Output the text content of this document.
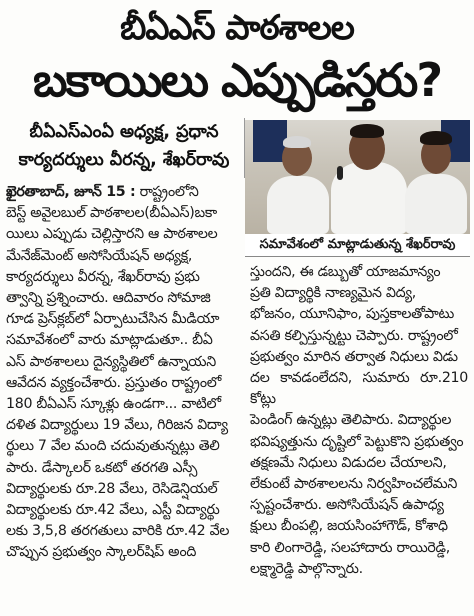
బీఏఎస్ పాఠశాలల
బకాయిలు ఎప్పుడిస్తరు?
బీఏఎస్‌ఎంఏ అధ్యక్ష, ప్రధాన
కార్యదర్శులు వీరన్న, శేఖర్‌రావు
సమావేశంలో మాట్లాడుతున్న శేఖర్‌రావు
ఖైరతాబాద్, జూన్ 15 : రాష్ట్రంలోని

బెస్ట్ అవైలబుల్ పాఠశాలల(బీఏఎస్)బకా

యిలు ఎప్పుడు చెల్లిస్తారని ఆ పాఠశాలల

మేనేజ్‌మెంట్ అసోసియేషన్ అధ్యక్ష,

కార్యదర్శులు వీరన్న, శేఖర్‌రావు ప్రభు

త్వాన్ని ప్రశ్నించారు. ఆదివారం సోమాజి

గూడ ప్రెస్‌క్లబ్‌లో ఏర్పాటుచేసిన మీడియా

సమావేశంలో వారు మాట్లాడుతూ.. బీఏ

ఎస్ పాఠశాలలు దైన్యస్థితిలో ఉన్నాయని

ఆవేదన వ్యక్తంచేశారు. ప్రస్తుతం రాష్ట్రంలో

180 బీఏఎస్ స్కూళ్లు ఉండగా... వాటిలో

దళిత విద్యార్థులు 19 వేలు, గిరిజన విద్యా

ర్థులు 7 వేల మంది చదువుతున్నట్లు తెలి

పారు. డేస్కాలర్ ఒకటో తరగతి ఎస్సీ

విద్యార్థులకు రూ.28 వేలు, రెసిడెన్షియల్

విద్యార్థులకు రూ.42 వేలు, ఎస్టీ విద్యార్థు

లకు 3,5,8 తరగతులు వారికి రూ.42 వేల

చొప్పున ప్రభుత్వం స్కాలర్‌షిప్ అంది

స్తుందని, ఈ డబ్బుతో యాజమాన్యం

ప్రతి విద్యార్థికి నాణ్యమైన విద్య,

భోజనం, యూనిఫాం, పుస్తకాలతోపాటు

వసతి కల్పిస్తున్నట్టు చెప్పారు. రాష్ట్రంలో

ప్రభుత్వం మారిన తర్వాత నిధులు విడు

దల కావడంలేదని, సుమారు రూ.210 కోట్లు

పెండింగ్ ఉన్నట్లు తెలిపారు. విద్యార్థుల

భవిష్యత్తును దృష్టిలో పెట్టుకొని ప్రభుత్వం

తక్షణమే నిధులు విడుదల చేయాలని,

లేకుంటే పాఠశాలలను నిర్వహించలేమని

స్పష్టంచేశారు. అసోసియేషన్ ఉపాధ్య

క్షులు బీంపల్లి, జయసింహాగౌడ్, కోశాధి

కారి లింగారెడ్డి, సలహాదారు రాయిరెడ్డి,

లక్ష్మారెడ్డి పాల్గొన్నారు.
